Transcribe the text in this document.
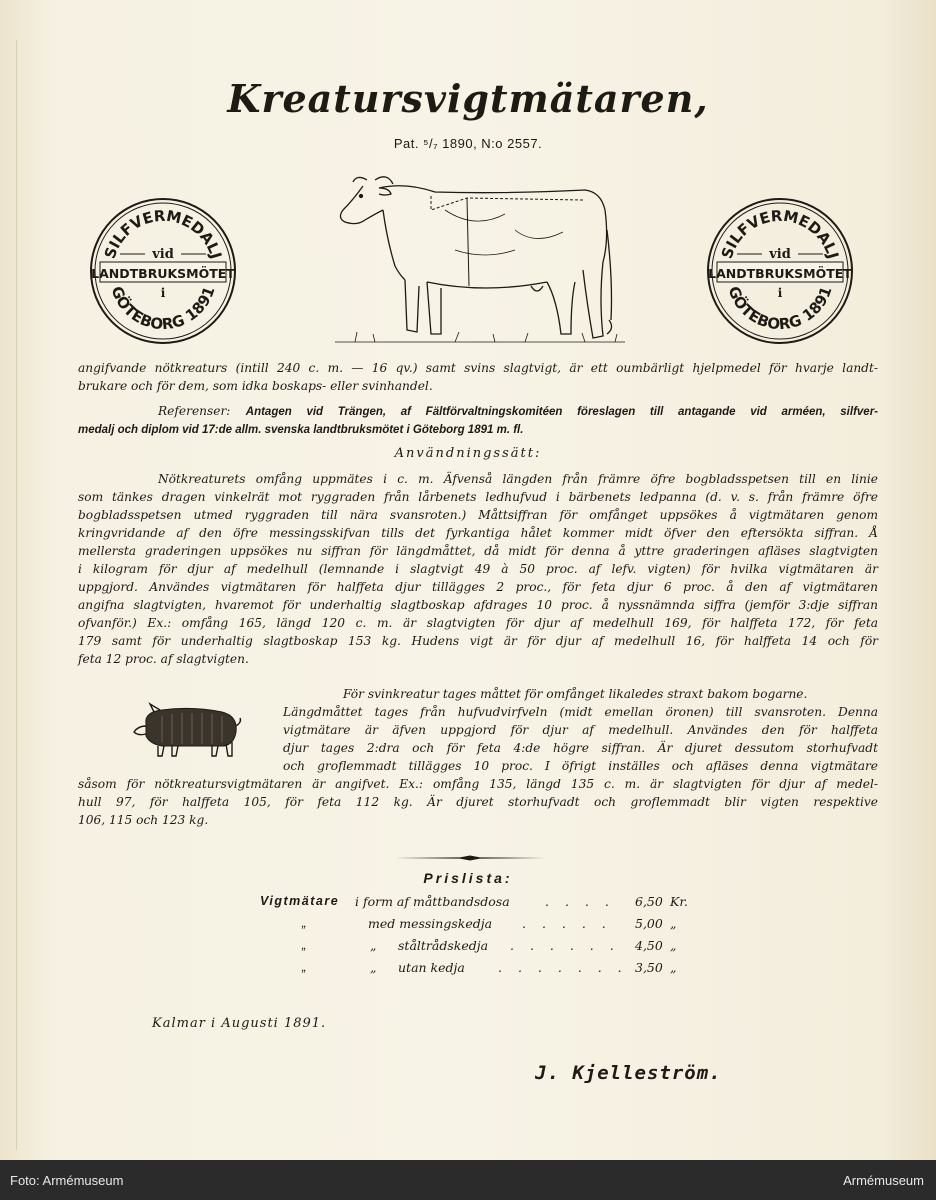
Kreatursvigtmätaren,
Pat. ⁵/₇ 1890, N:o 2557.
SILFVERMEDALJ
vid
LANDTBRUKSMÖTET
i
GÖTEBORG 1891
SILFVERMEDALJ
vid
LANDTBRUKSMÖTET
i
GÖTEBORG 1891

angifvande nötkreaturs (intill 240 c. m. — 16 qv.) samt svins slagtvigt, är ett oumbärligt hjelpmedel för hvarje landt-

brukare och för dem, som idka boskaps- eller svinhandel.

Referenser: Antagen vid Trängen, af Fältförvaltningskomitéen föreslagen till antagande vid arméen, silfver-

medalj och diplom vid 17:de allm. svenska landtbruksmötet i Göteborg 1891 m. fl.

Användningssätt:

Nötkreaturets omfång uppmätes i c. m. Äfvenså längden från främre öfre bogbladsspetsen till en linie

som tänkes dragen vinkelrät mot ryggraden från lårbenets ledhufvud i bärbenets ledpanna (d. v. s. från främre öfre

bogbladsspetsen utmed ryggraden till nära svansroten.) Måttsiffran för omfånget uppsökes å vigtmätaren genom

kringvridande af den öfre messingsskifvan tills det fyrkantiga hålet kommer midt öfver den eftersökta siffran. Å

mellersta graderingen uppsökes nu siffran för längdmåttet, då midt för denna å yttre graderingen afläses slagtvigten

i kilogram för djur af medelhull (lemnande i slagtvigt 49 à 50 proc. af lefv. vigten) för hvilka vigtmätaren är

uppgjord. Användes vigtmätaren för halffeta djur tillägges 2 proc., för feta djur 6 proc. å den af vigtmätaren

angifna slagtvigten, hvaremot för underhaltig slagtboskap afdrages 10 proc. å nyssnämnda siffra (jemför 3:dje siffran

ofvanför.) Ex.: omfång 165, längd 120 c. m. är slagtvigten för djur af medelhull 169, för halffeta 172, för feta

179 samt för underhaltig slagtboskap 153 kg. Hudens vigt är för djur af medelhull 16, för halffeta 14 och för

feta 12 proc. af slagtvigten.

För svinkreatur tages måttet för omfånget likaledes straxt bakom bogarne.

Längdmåttet tages från hufvudvirfveln (midt emellan öronen) till svansroten. Denna

vigtmätare är äfven uppgjord för djur af medelhull. Användes den för halffeta

djur tages 2:dra och för feta 4:de högre siffran. Är djuret dessutom storhufvadt

och groflemmadt tillägges 10 proc. I öfrigt inställes och afläses denna vigtmätare

såsom för nötkreatursvigtmätaren är angifvet. Ex.: omfång 135, längd 135 c. m. är slagtvigten för djur af medel-

hull 97, för halffeta 105, för feta 112 kg. Är djuret storhufvadt och groflemmadt blir vigten respektive

106, 115 och 123 kg.

Prislista:
Vigtmätare i form af måttbandsdosa	. . . . 6,50 Kr.
„	med messingskedja . . . . . 5,00 „
„	„ ståltrådskedja . . . . . . 4,50 „
„	„ utan kedja	. . . . . . . 3,50 „
Kalmar i Augusti 1891.
J. Kjelleström.
Foto: Armémuseum	Armémuseum
